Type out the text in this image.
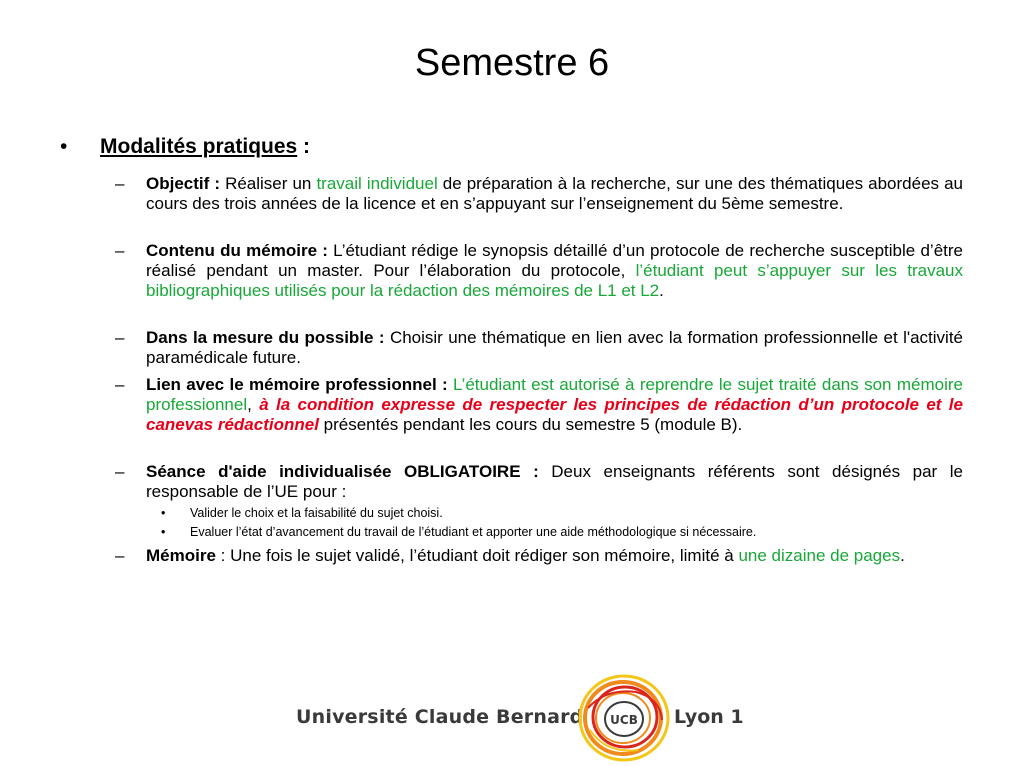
Semestre 6
• Modalités pratiques :
– Objectif : Réaliser un travail individuel de préparation à la recherche, sur une des thématiques abordées au cours des trois années de la licence et en s’appuyant sur l’enseignement du 5ème semestre.
– Contenu du mémoire : L’étudiant rédige le synopsis détaillé d’un protocole de recherche susceptible d’être réalisé pendant un master. Pour l’élaboration du protocole, l’étudiant peut s’appuyer sur les travaux bibliographiques utilisés pour la rédaction des mémoires de L1 et L2.
– Dans la mesure du possible : Choisir une thématique en lien avec la formation professionnelle et l'activité paramédicale future.
– Lien avec le mémoire professionnel : L’étudiant est autorisé à reprendre le sujet traité dans son mémoire professionnel, à la condition expresse de respecter les principes de rédaction d’un protocole et le canevas rédactionnel présentés pendant les cours du semestre 5 (module B).
– Séance d'aide individualisée OBLIGATOIRE : Deux enseignants référents sont désignés par le responsable de l’UE pour :
• Valider le choix et la faisabilité du sujet choisi.
• Evaluer l’état d’avancement du travail de l’étudiant et apporter une aide méthodologique si nécessaire.
– Mémoire : Une fois le sujet validé, l’étudiant doit rédiger son mémoire, limité à une dizaine de pages.
Université Claude Bernard UCB Lyon 1
